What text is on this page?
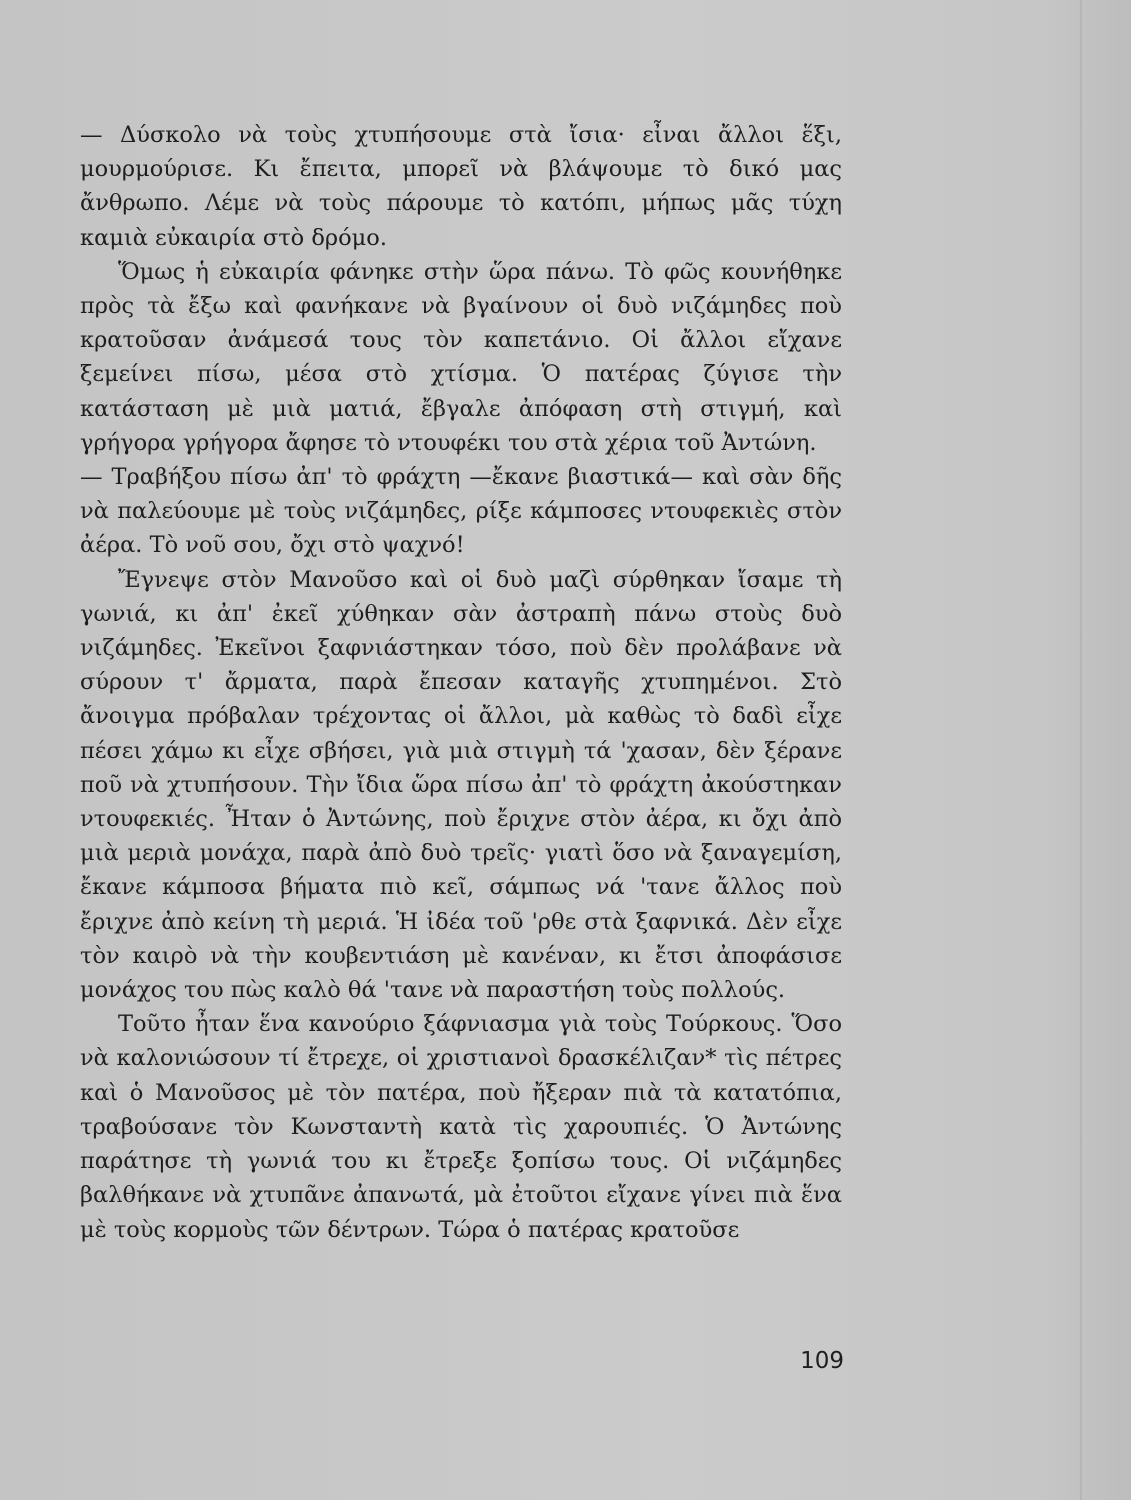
— Δύσκολο νὰ τοὺς χτυπήσουμε στὰ ἴσια· εἶναι ἄλλοι ἕξι, μουρμούρισε. Κι ἔπειτα, μπορεῖ νὰ βλάψουμε τὸ δικό μας ἄνθρωπο. Λέμε νὰ τοὺς πάρουμε τὸ κατόπι, μήπως μᾶς τύχη καμιὰ εὐκαιρία στὸ δρόμο.

Ὅμως ἡ εὐκαιρία φάνηκε στὴν ὥρα πάνω. Τὸ φῶς κουνήθηκε πρὸς τὰ ἔξω καὶ φανήκανε νὰ βγαίνουν οἱ δυὸ νιζάμηδες ποὺ κρατοῦσαν ἀνάμεσά τους τὸν καπετάνιο. Οἱ ἄλλοι εἴχανε ξεμείνει πίσω, μέσα στὸ χτίσμα. Ὁ πατέρας ζύγισε τὴν κατάσταση μὲ μιὰ ματιά, ἔβγαλε ἀπόφαση στὴ στιγμή, καὶ γρήγορα γρήγορα ἄφησε τὸ ντουφέκι του στὰ χέρια τοῦ Ἀντώνη.

— Τραβήξου πίσω ἀπ' τὸ φράχτη —ἔκανε βιαστικά— καὶ σὰν δῆς νὰ παλεύουμε μὲ τοὺς νιζάμηδες, ρίξε κάμποσες ντουφεκιὲς στὸν ἀέρα. Τὸ νοῦ σου, ὄχι στὸ ψαχνό!

Ἔγνεψε στὸν Μανοῦσο καὶ οἱ δυὸ μαζὶ σύρθηκαν ἴσαμε τὴ γωνιά, κι ἀπ' ἐκεῖ χύθηκαν σὰν ἀστραπὴ πάνω στοὺς δυὸ νιζάμηδες. Ἐκεῖνοι ξαφνιάστηκαν τόσο, ποὺ δὲν προλάβανε νὰ σύρουν τ' ἄρματα, παρὰ ἔπεσαν καταγῆς χτυπημένοι. Στὸ ἄνοιγμα πρόβαλαν τρέχοντας οἱ ἄλλοι, μὰ καθὼς τὸ δαδὶ εἶχε πέσει χάμω κι εἶχε σβήσει, γιὰ μιὰ στιγμὴ τά 'χασαν, δὲν ξέρανε ποῦ νὰ χτυπήσουν. Τὴν ἴδια ὥρα πίσω ἀπ' τὸ φράχτη ἀκούστηκαν ντουφεκιές. Ἦταν ὁ Ἀντώνης, ποὺ ἔριχνε στὸν ἀέρα, κι ὄχι ἀπὸ μιὰ μεριὰ μονάχα, παρὰ ἀπὸ δυὸ τρεῖς· γιατὶ ὅσο νὰ ξαναγεμίση, ἔκανε κάμποσα βήματα πιὸ κεῖ, σάμπως νά 'τανε ἄλλος ποὺ ἔριχνε ἀπὸ κείνη τὴ μεριά. Ἡ ἰδέα τοῦ 'ρθε στὰ ξαφνικά. Δὲν εἶχε τὸν καιρὸ νὰ τὴν κουβεντιάση μὲ κανέναν, κι ἔτσι ἀποφάσισε μονάχος του πὼς καλὸ θά 'τανε νὰ παραστήση τοὺς πολλούς.

Τοῦτο ἦταν ἕνα κανούριο ξάφνιασμα γιὰ τοὺς Τούρκους. Ὅσο νὰ καλονιώσουν τί ἔτρεχε, οἱ χριστιανοὶ δρασκέλιζαν* τὶς πέτρες καὶ ὁ Μανοῦσος μὲ τὸν πατέρα, ποὺ ἤξεραν πιὰ τὰ κατατόπια, τραβούσανε τὸν Κωνσταντὴ κατὰ τὶς χαρουπιές. Ὁ Ἀντώνης παράτησε τὴ γωνιά του κι ἔτρεξε ξοπίσω τους. Οἱ νιζάμηδες βαλθήκανε νὰ χτυπᾶνε ἀπανωτά, μὰ ἐτοῦτοι εἴχανε γίνει πιὰ ἕνα μὲ τοὺς κορμοὺς τῶν δέντρων. Τώρα ὁ πατέρας κρατοῦσε

109
